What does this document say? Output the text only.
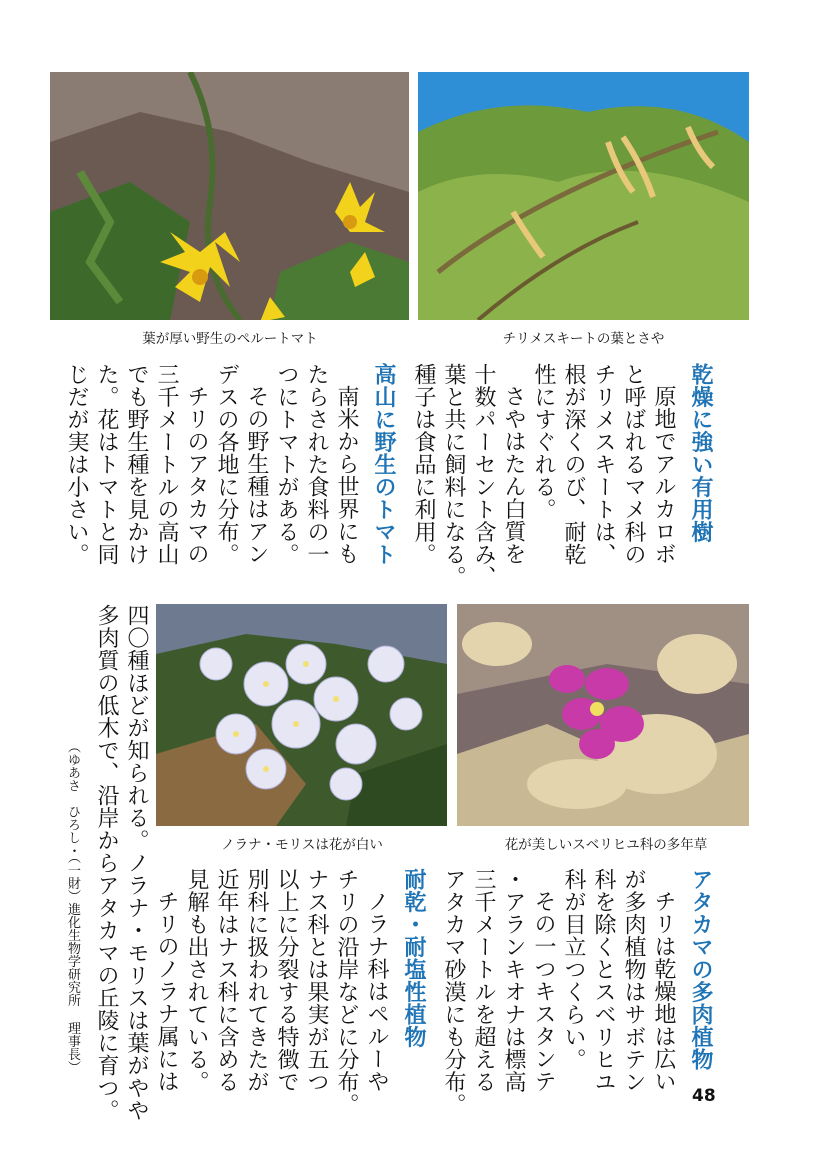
葉が厚い野生のペルートマト	チリメスキートの葉とさや
乾燥に強い有用樹
原地でアルカロボ
と呼ばれるマメ科の
チリメスキートは、
根が深くのび、耐乾
性にすぐれる。
さやはたん白質を
十数パーセント含み、
葉と共に飼料になる。
種子は食品に利用。
高山に野生のトマト
南米から世界にも
たらされた食料の一
つにトマトがある。
その野生種はアン
デスの各地に分布。
チリのアタカマの
三千メートルの高山
でも野生種を見かけ
た。花はトマトと同
じだが実は小さい。
ノラナ・モリスは花が白い	花が美しいスベリヒユ科の多年草
アタカマの多肉植物
チリは乾燥地は広い
が多肉植物はサボテン
科を除くとスベリヒユ
科が目立つくらい。
その一つキスタンテ
・アランキオナは標高
三千メートルを超える
アタカマ砂漠にも分布。
耐乾・耐塩性植物
ノラナ科はペルーや
チリの沿岸などに分布。
ナス科とは果実が五つ
以上に分裂する特徴で
別科に扱われてきたが
近年はナス科に含める
見解も出されている。
チリのノラナ属には
四〇種ほどが知られる。ノラナ・モリスは葉がやや
多肉質の低木で、沿岸からアタカマの丘陵に育つ。
（ゆあさ　ひろし・（一財）進化生物学研究所 理事長）
48
